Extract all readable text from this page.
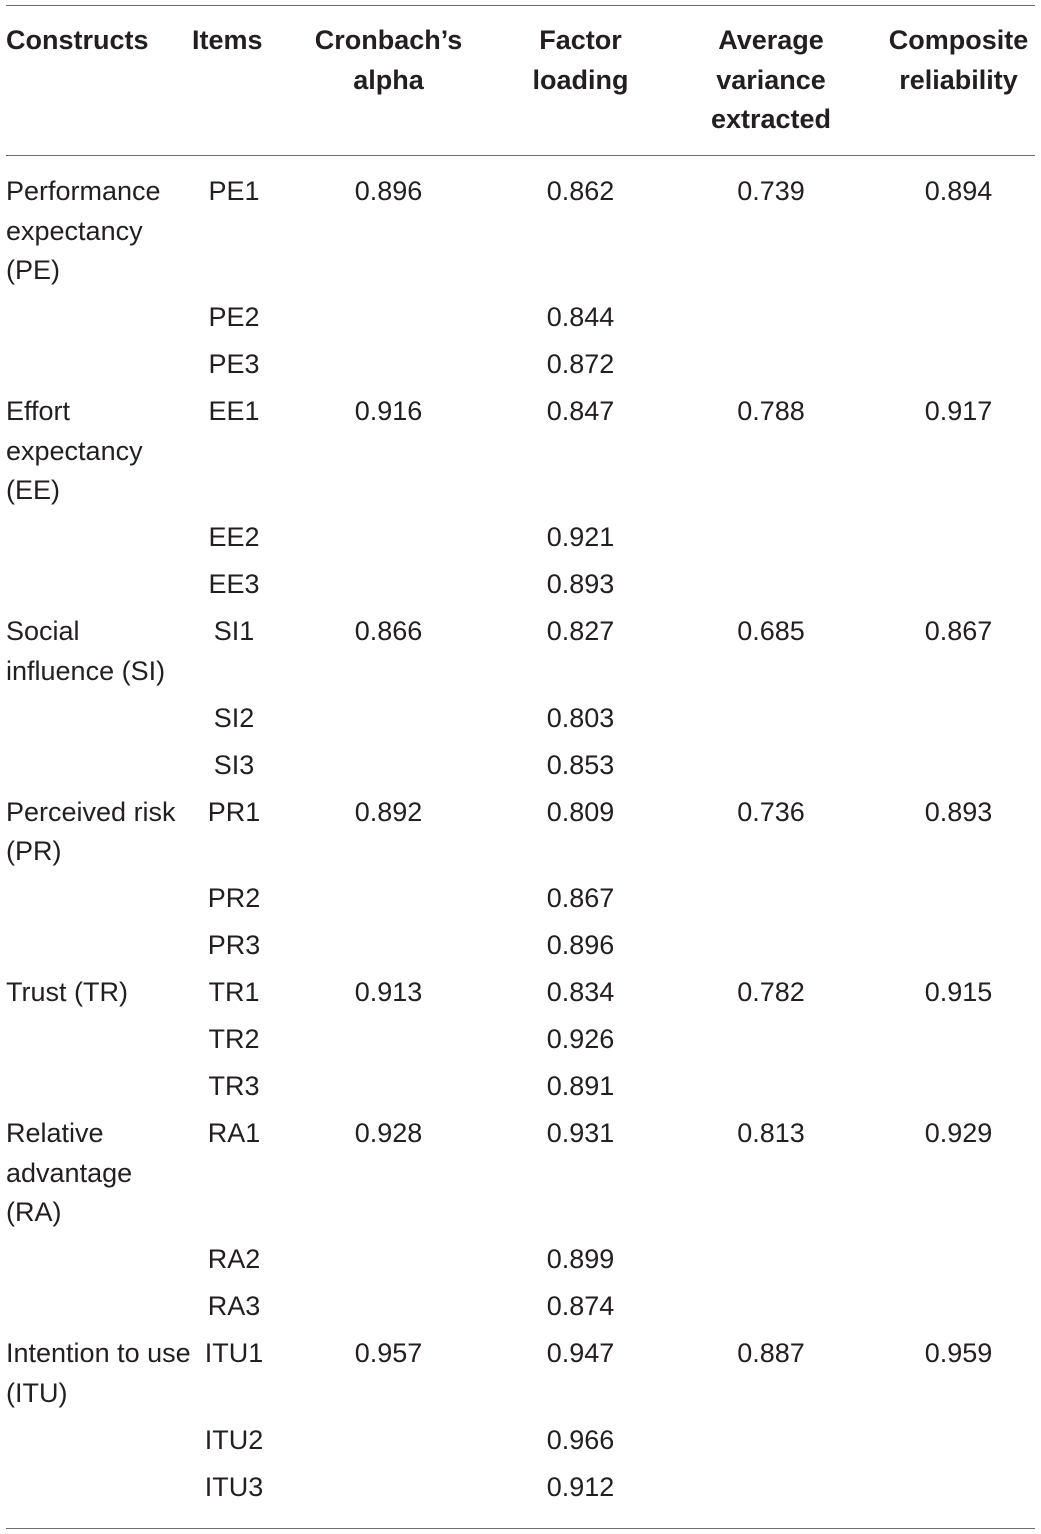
Constructs	Items	Cronbach’s alpha	Factor loading	Average variance extracted	Composite reliability
Performance expectancy (PE)	PE1	0.896	0.862	0.739	0.894
	PE2		0.844		
	PE3		0.872		
Effort expectancy (EE)	EE1	0.916	0.847	0.788	0.917
	EE2		0.921		
	EE3		0.893		
Social influence (SI)	SI1	0.866	0.827	0.685	0.867
	SI2		0.803		
	SI3		0.853		
Perceived risk (PR)	PR1	0.892	0.809	0.736	0.893
	PR2		0.867		
	PR3		0.896		
Trust (TR)	TR1	0.913	0.834	0.782	0.915
	TR2		0.926		
	TR3		0.891		
Relative advantage (RA)	RA1	0.928	0.931	0.813	0.929
	RA2		0.899		
	RA3		0.874		
Intention to use (ITU)	ITU1	0.957	0.947	0.887	0.959
	ITU2		0.966		
	ITU3		0.912		
